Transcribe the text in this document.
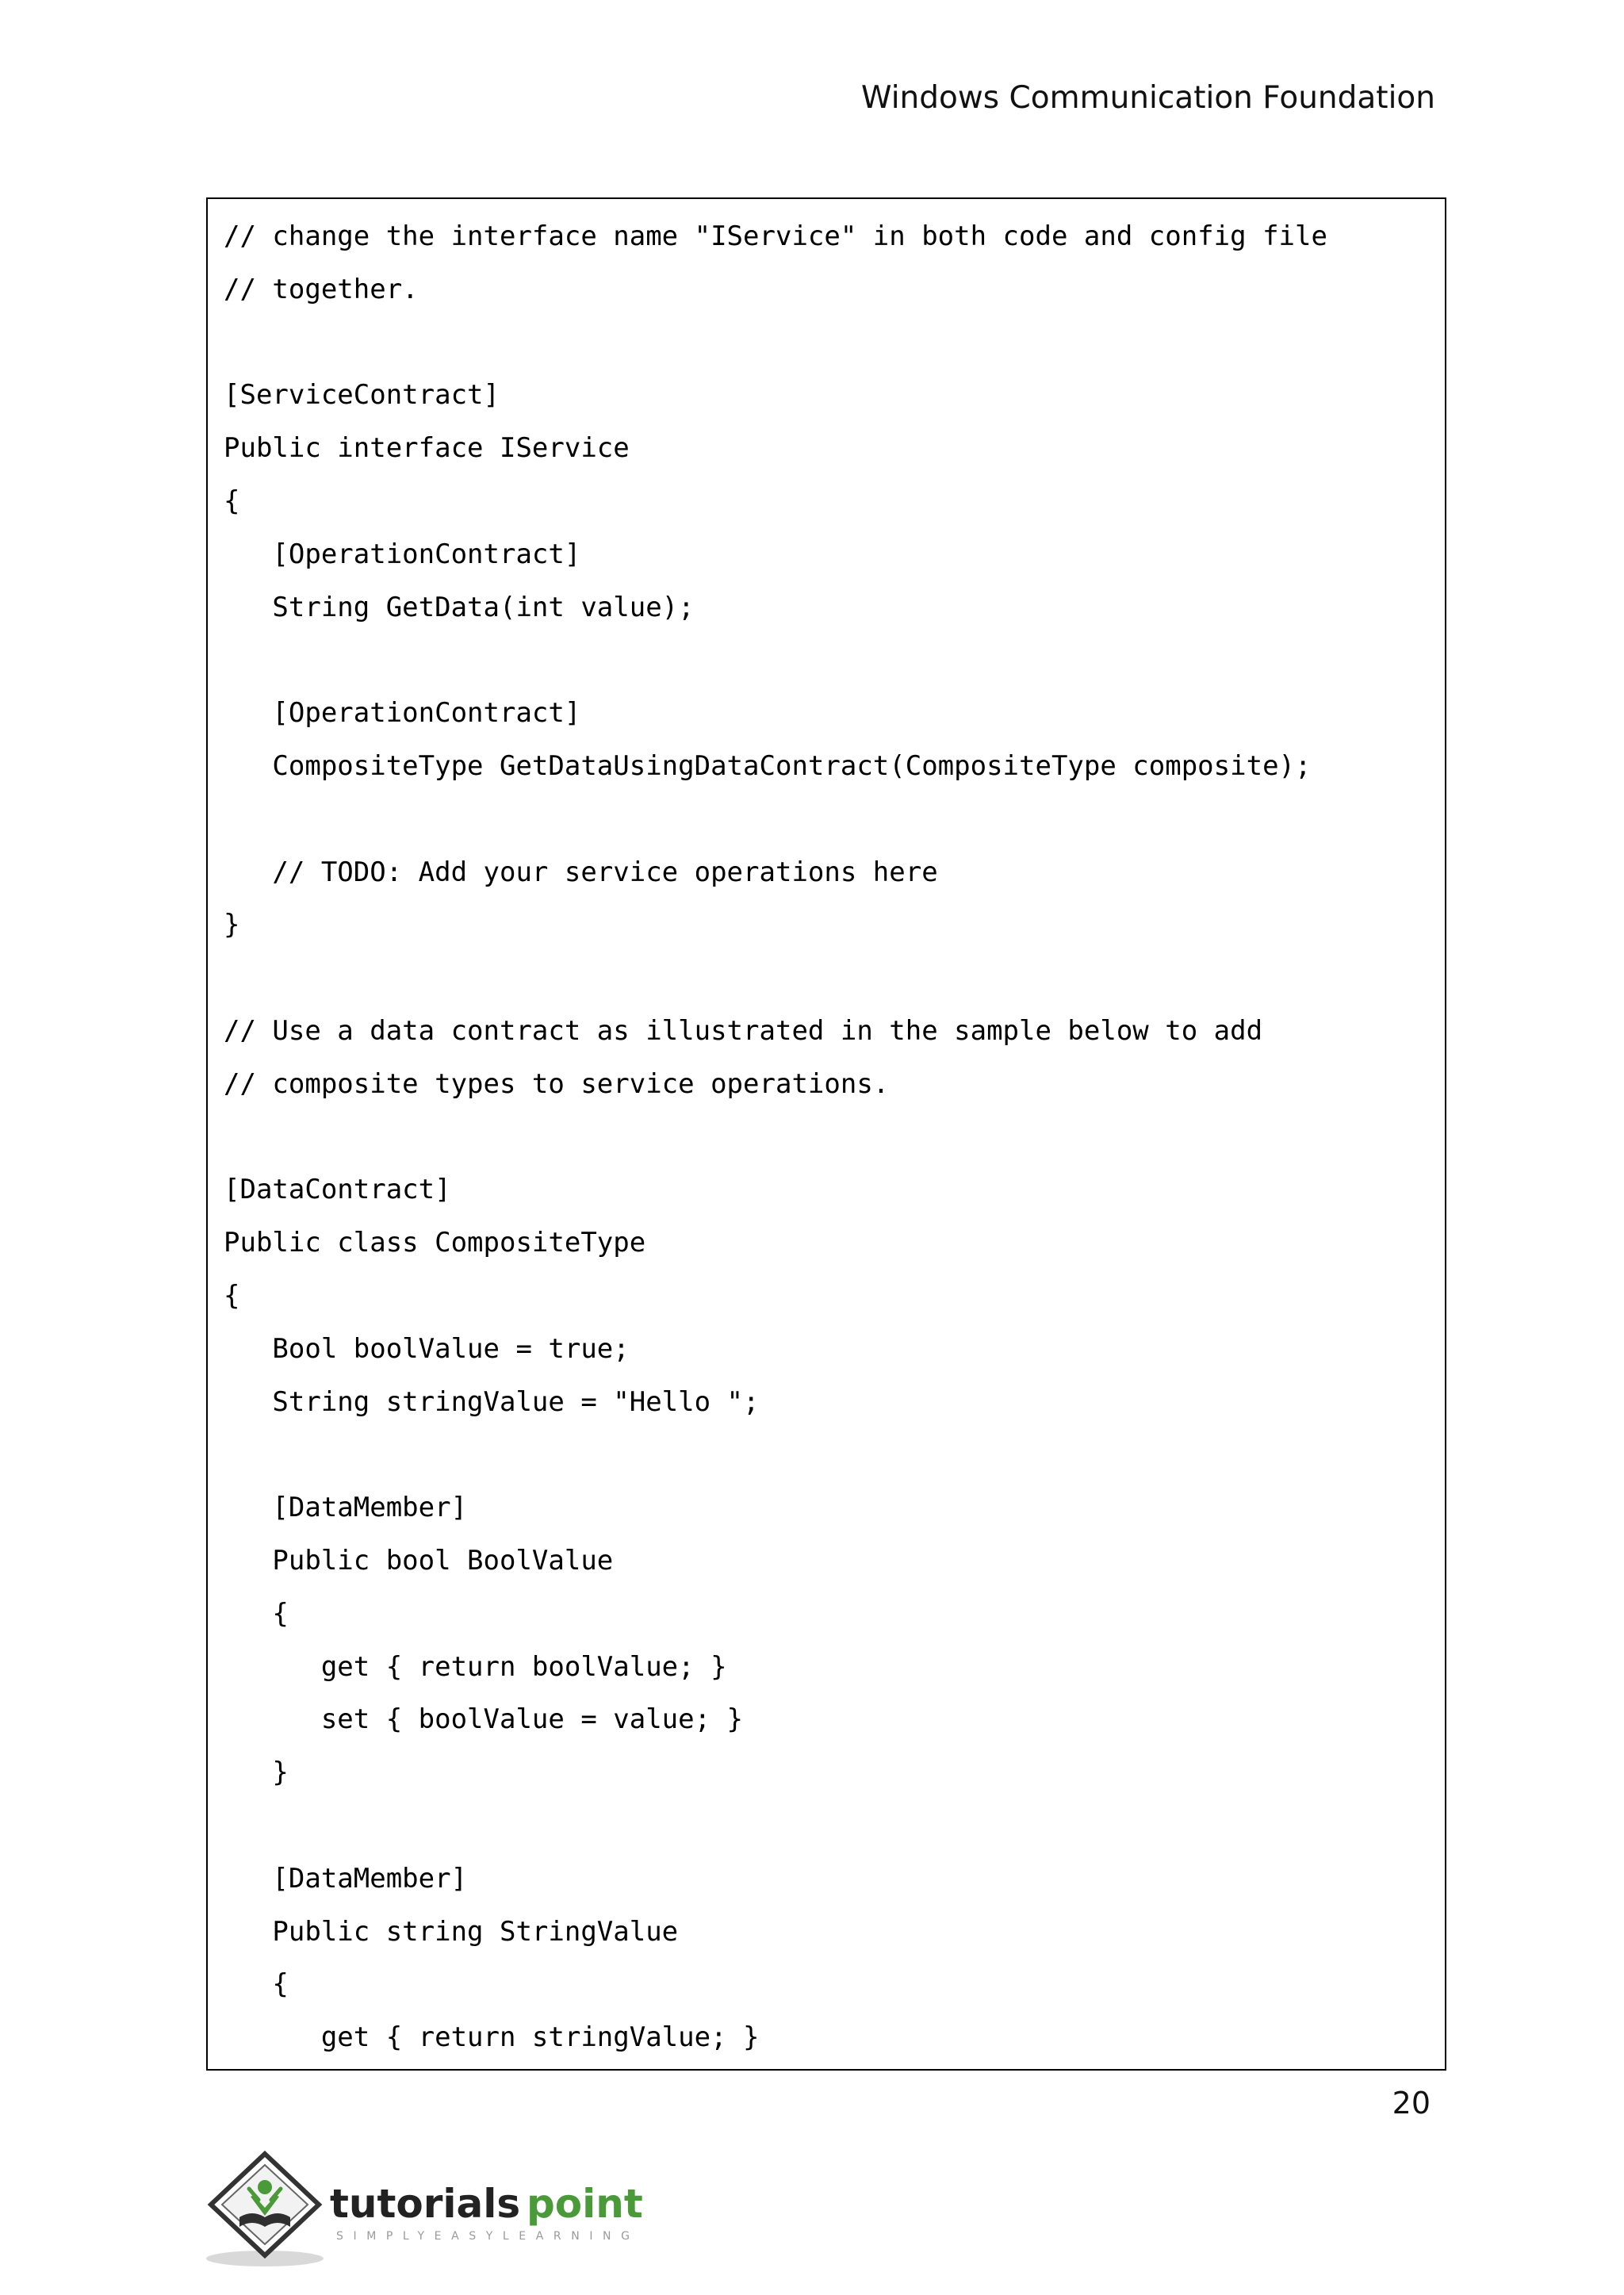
Windows Communication Foundation
// change the interface name "IService" in both code and config file
// together.
[ServiceContract]
Public interface IService
{
[OperationContract]
String GetData(int value);
[OperationContract]
CompositeType GetDataUsingDataContract(CompositeType composite);
// TODO: Add your service operations here
}
// Use a data contract as illustrated in the sample below to add
// composite types to service operations.
[DataContract]
Public class CompositeType
{
Bool boolValue = true;
String stringValue = "Hello ";
[DataMember]
Public bool BoolValue
{
get { return boolValue; }
set { boolValue = value; }
}
[DataMember]
Public string StringValue
{
get { return stringValue; }
20
tutorials point
SIMPLYEASYLEARNING
